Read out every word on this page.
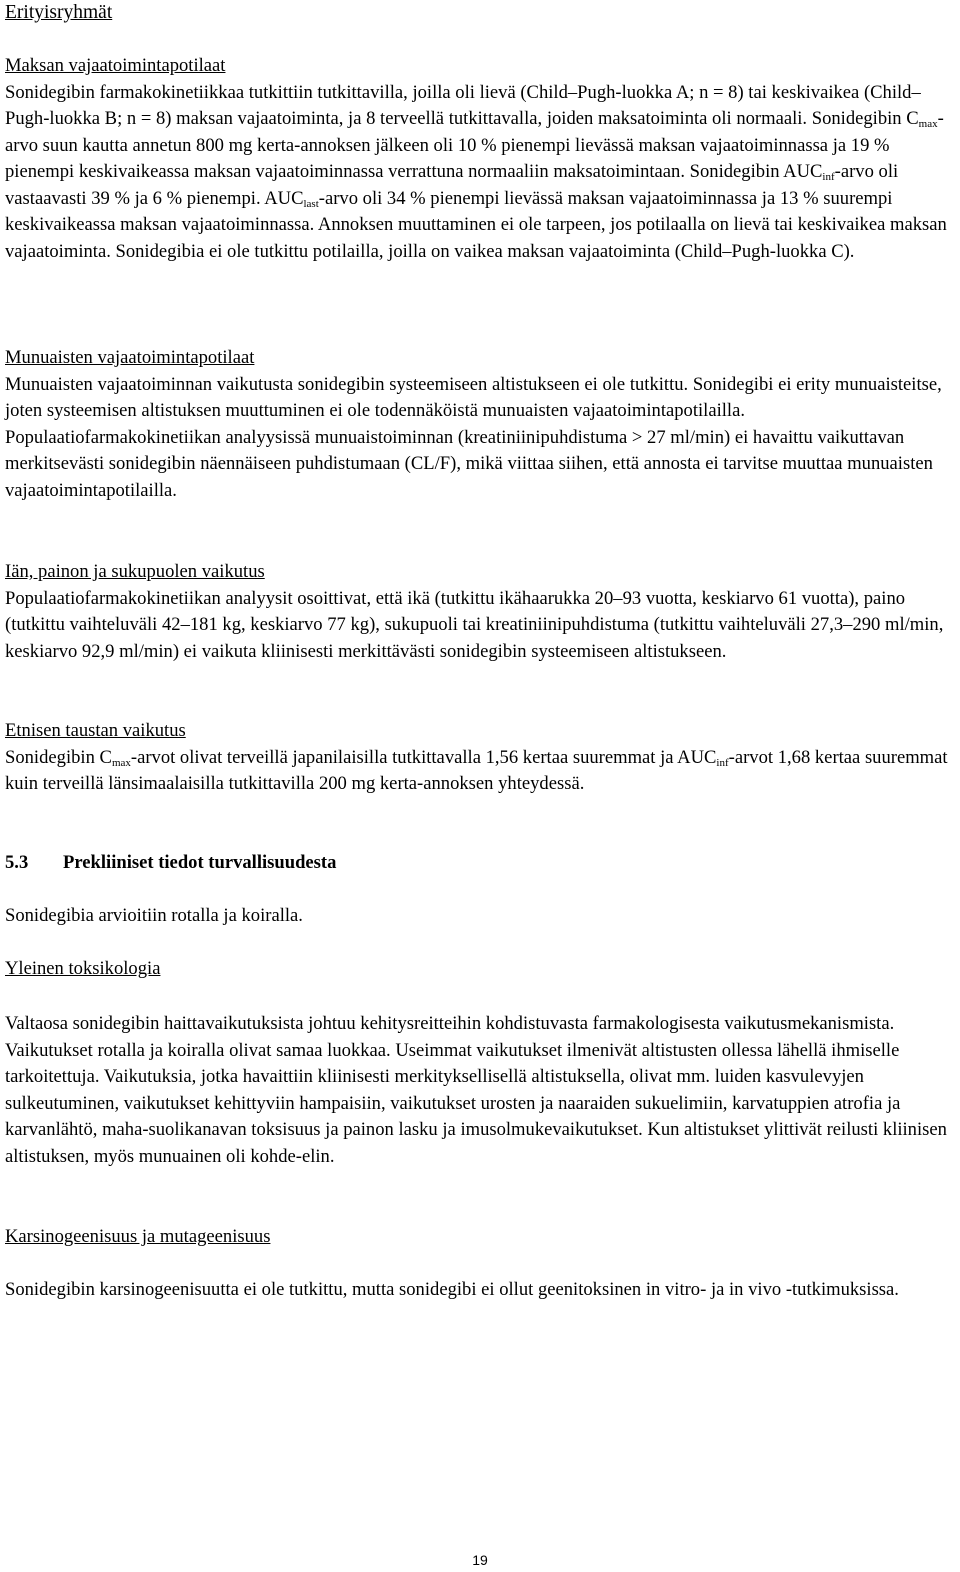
Erityisryhmät

Maksan vajaatoimintapotilaat

Sonidegibin farmakokinetiikkaa tutkittiin tutkittavilla, joilla oli lievä (Child–Pugh-luokka A; n = 8) tai keskivaikea (Child–Pugh-luokka B; n = 8) maksan vajaatoiminta, ja 8 terveellä tutkittavalla, joiden maksatoiminta oli normaali. Sonidegibin $C_{max}$-arvo suun kautta annetun 800 mg kerta-annoksen jälkeen oli 10 % pienempi lievässä maksan vajaatoiminnassa ja 19 % pienempi keskivaikeassa maksan vajaatoiminnassa verrattuna normaaliin maksatoimintaan. Sonidegibin $AUC_{inf}$-arvo oli vastaavasti 39 % ja 6 % pienempi. $AUC_{last}$-arvo oli 34 % pienempi lievässä maksan vajaatoiminnassa ja 13 % suurempi keskivaikeassa maksan vajaatoiminnassa. Annoksen muuttaminen ei ole tarpeen, jos potilaalla on lievä tai keskivaikea maksan vajaatoiminta. Sonidegibia ei ole tutkittu potilailla, joilla on vaikea maksan vajaatoiminta (Child–Pugh-luokka C).

Munuaisten vajaatoimintapotilaat

Munuaisten vajaatoiminnan vaikutusta sonidegibin systeemiseen altistukseen ei ole tutkittu. Sonidegibi ei erity munuaisteitse, joten systeemisen altistuksen muuttuminen ei ole todennäköistä munuaisten vajaatoimintapotilailla. Populaatiofarmakokinetiikan analyysissä munuaistoiminnan (kreatiniinipuhdistuma > 27 ml/min) ei havaittu vaikuttavan merkitsevästi sonidegibin näennäiseen puhdistumaan (CL/F), mikä viittaa siihen, että annosta ei tarvitse muuttaa munuaisten vajaatoimintapotilailla.

Iän, painon ja sukupuolen vaikutus

Populaatiofarmakokinetiikan analyysit osoittivat, että ikä (tutkittu ikähaarukka 20–93 vuotta, keskiarvo 61 vuotta), paino (tutkittu vaihteluväli 42–181 kg, keskiarvo 77 kg), sukupuoli tai kreatiniinipuhdistuma (tutkittu vaihteluväli 27,3–290 ml/min, keskiarvo 92,9 ml/min) ei vaikuta kliinisesti merkittävästi sonidegibin systeemiseen altistukseen.

Etnisen taustan vaikutus

Sonidegibin $C_{max}$-arvot olivat terveillä japanilaisilla tutkittavalla 1,56 kertaa suuremmat ja $AUC_{inf}$-arvot 1,68 kertaa suuremmat kuin terveillä länsimaalaisilla tutkittavilla 200 mg kerta-annoksen yhteydessä.

5.3 Prekliiniset tiedot turvallisuudesta

Sonidegibia arvioitiin rotalla ja koiralla.

Yleinen toksikologia

Valtaosa sonidegibin haittavaikutuksista johtuu kehitysreitteihin kohdistuvasta farmakologisesta vaikutusmekanismista. Vaikutukset rotalla ja koiralla olivat samaa luokkaa. Useimmat vaikutukset ilmenivät altistusten ollessa lähellä ihmiselle tarkoitettuja. Vaikutuksia, jotka havaittiin kliinisesti merkityksellisellä altistuksella, olivat mm. luiden kasvulevyjen sulkeutuminen, vaikutukset kehittyviin hampaisiin, vaikutukset urosten ja naaraiden sukuelimiin, karvatuppien atrofia ja karvanlähtö, maha-suolikanavan toksisuus ja painon lasku ja imusolmukevaikutukset. Kun altistukset ylittivät reilusti kliinisen altistuksen, myös munuainen oli kohde-elin.

Karsinogeenisuus ja mutageenisuus

Sonidegibin karsinogeenisuutta ei ole tutkittu, mutta sonidegibi ei ollut geenitoksinen in vitro- ja in vivo -tutkimuksissa.

19
